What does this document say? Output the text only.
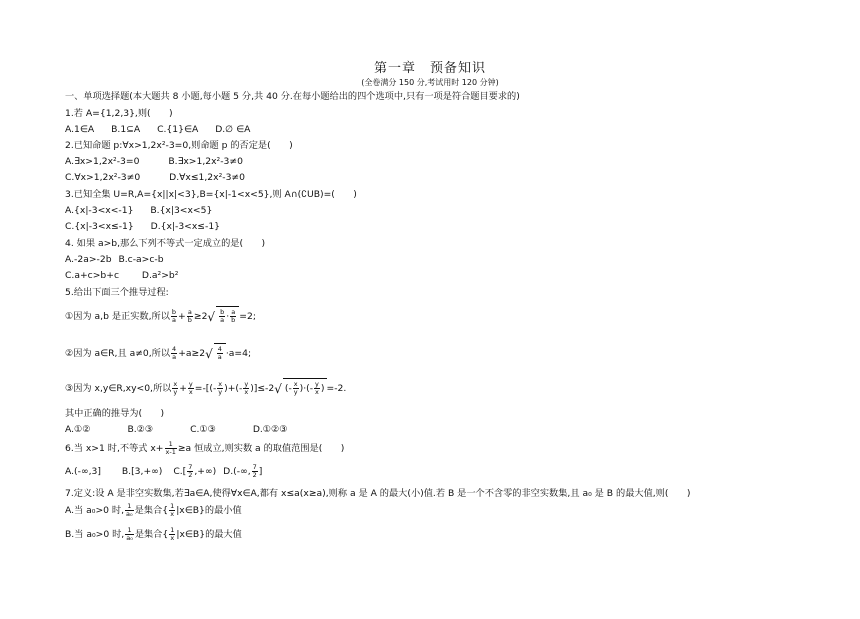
第一章　预备知识
(全卷满分 150 分,考试用时 120 分钟)
一、单项选择题(本大题共 8 小题,每小题 5 分,共 40 分.在每小题给出的四个选项中,只有一项是符合题目要求的)
1.若 A={1,2,3},则(　　)
A.1∈A B.1⊆A C.{1}∈A D.∅ ∈A
2.已知命题 p:∀x>1,2x²-3=0,则命题 p 的否定是(　　)
A.∃x>1,2x²-3=0	B.∃x>1,2x²-3≠0
C.∀x>1,2x²-3≠0	D.∀x≤1,2x²-3≠0
3.已知全集 U=R,A={x||x|<3},B={x|-1<x<5},则 A∩(∁UB)=(　　)
A.{x|-3<x<-1} B.{x|3<x<5}
C.{x|-3<x≤-1} D.{x|-3<x≤-1}
4. 如果 a>b,那么下列不等式一定成立的是(　　)
A.-2a>-2b B.c-a>c-b
C.a+c>b+c D.a²>b²
5.给出下面三个推导过程:
①因为 a,b 是正实数,所以 $\frac{b}{a} + \frac{a}{b} \ge 2√ \frac{b}{a} \cdot \frac{a}{b} =2$;
②因为 a∈R,且 a≠0,所以 $\frac{4}{a} +a\ge 2√ \frac{4}{a} \cdot a=4$;
③因为 x,y∈R,xy<0,所以 $\frac{x}{y} + \frac{y}{x}$ =-[(- $\frac{x}{y}$ )+(- $\frac{y}{x} )]\le-2√$ (- $\frac{x}{y}$ )·(- $\frac{y}{x}$ ) =-2.
其中正确的推导为(　　)
A.①②	B.②③	C.①③	D.①②③
6.当 x>1 时,不等式 $x+ \frac{1}{x-1} \ge a$ 恒成立,则实数 a 的取值范围是(　　)
A.(-∞,3] B.[3,+∞) $C.[ \frac{7}{2}$ ,+∞) D.(-∞, $\frac{7}{2}$ ]
7.定义:设 A 是非空实数集,若∃a∈A,使得∀x∈A,都有 x≤a(x≥a),则称 a 是 A 的最大(小)值.若 B 是一个不含零的非空实数集,且 a₀ 是 B 的最大值,则(　　)
A.当 a₀>0 时, $\frac{1}{\text{a₀}}$ 是集合{ $\frac{1}{x}$ |x∈B}的最小值
B.当 a₀>0 时, $\frac{1}{\text{a₀}}$ 是集合{ $\frac{1}{x}$ |x∈B}的最大值
